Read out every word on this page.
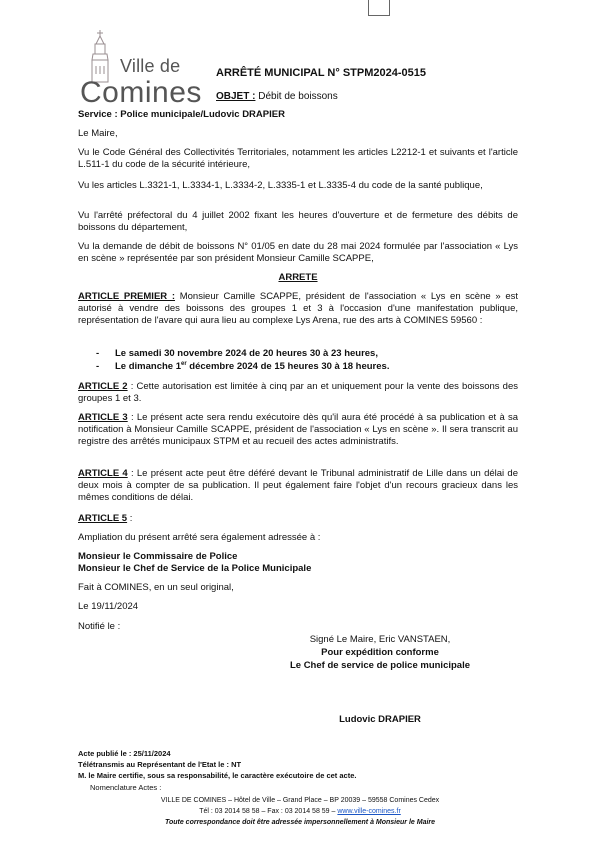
Ville de
Comines
ARRÊTÉ MUNICIPAL N° STPM2024-0515
OBJET : Débit de boissons
Service : Police municipale/Ludovic DRAPIER
Le Maire,
Vu le Code Général des Collectivités Territoriales, notamment les articles L2212-1 et suivants et l'article L.511-1 du code de la sécurité intérieure,
Vu les articles L.3321-1, L.3334-1, L.3334-2, L.3335-1 et L.3335-4 du code de la santé publique,
Vu l'arrêté préfectoral du 4 juillet 2002 fixant les heures d'ouverture et de fermeture des débits de boissons du département,
Vu la demande de débit de boissons N° 01/05 en date du 28 mai 2024 formulée par l'association « Lys en scène » représentée par son président Monsieur Camille SCAPPE,
ARRETE
ARTICLE PREMIER : Monsieur Camille SCAPPE, président de l'association « Lys en scène » est autorisé à vendre des boissons des groupes 1 et 3 à l'occasion d'une manifestation publique, représentation de l'avare qui aura lieu au complexe Lys Arena, rue des arts à COMINES 59560 :
- Le samedi 30 novembre 2024 de 20 heures 30 à 23 heures,
- Le dimanche 1er décembre 2024 de 15 heures 30 à 18 heures.
ARTICLE 2 : Cette autorisation est limitée à cinq par an et uniquement pour la vente des boissons des groupes 1 et 3.
ARTICLE 3 : Le présent acte sera rendu exécutoire dès qu'il aura été procédé à sa publication et à sa notification à Monsieur Camille SCAPPE, président de l'association « Lys en scène ». Il sera transcrit au registre des arrêtés municipaux STPM et au recueil des actes administratifs.
ARTICLE 4 : Le présent acte peut être déféré devant le Tribunal administratif de Lille dans un délai de deux mois à compter de sa publication. Il peut également faire l'objet d'un recours gracieux dans les mêmes conditions de délai.
ARTICLE 5 :
Ampliation du présent arrêté sera également adressée à :
Monsieur le Commissaire de Police
Monsieur le Chef de Service de la Police Municipale
Fait à COMINES, en un seul original,
Le 19/11/2024
Notifié le :
Signé Le Maire, Eric VANSTAEN,
Pour expédition conforme
Le Chef de service de police municipale
Ludovic DRAPIER
Acte publié le : 25/11/2024
Télétransmis au Représentant de l'Etat le : NT
M. le Maire certifie, sous sa responsabilité, le caractère exécutoire de cet acte.
Nomenclature Actes :
VILLE DE COMINES – Hôtel de Ville – Grand Place – BP 20039 – 59558 Comines Cedex
Tél : 03 2014 58 58 – Fax : 03 2014 58 59 – www.ville-comines.fr
Toute correspondance doit être adressée impersonnellement à Monsieur le Maire
